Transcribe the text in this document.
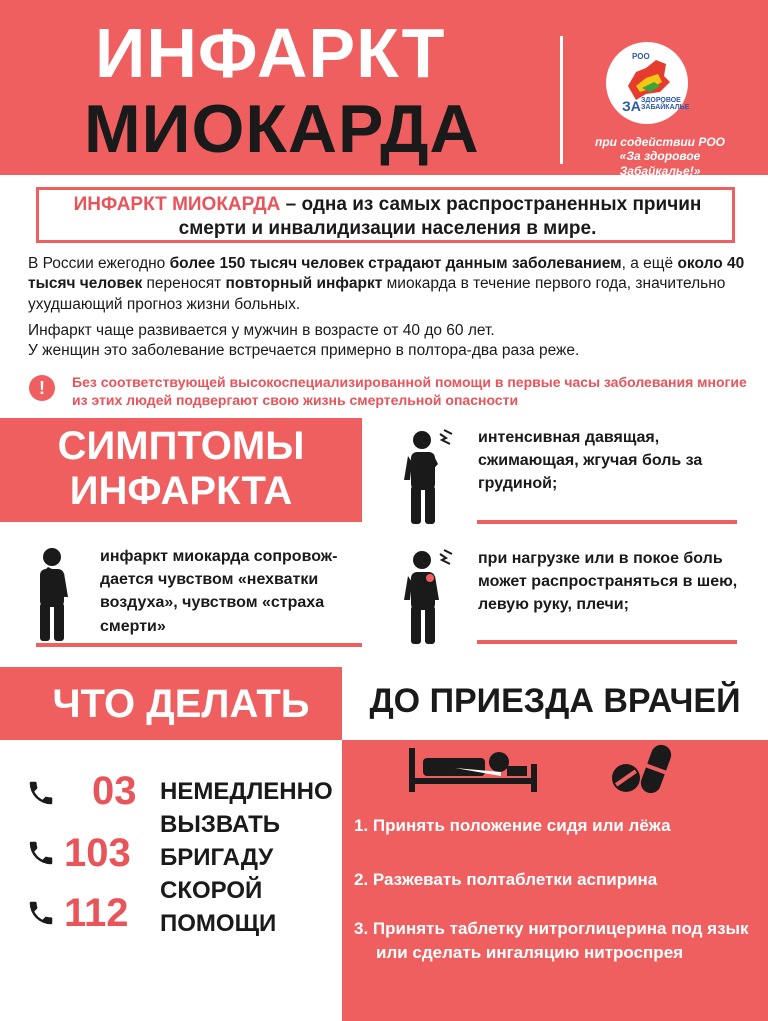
ИНФАРКТ
МИОКАРДА
РОО
ЗА ЗДОРОВОЕ ЗАБАЙКАЛЬЕ
при содействии РОО
«За здоровое Забайкалье!»
ИНФАРКТ МИОКАРДА – одна из самых распространенных причин смерти и инвалидизации населения в мире.
В России ежегодно более 150 тысяч человек страдают данным заболеванием, а ещё около 40 тысяч человек переносят повторный инфаркт миокарда в течение первого года, значительно ухудшающий прогноз жизни больных.
Инфаркт чаще развивается у мужчин в возрасте от 40 до 60 лет.
У женщин это заболевание встречается примерно в полтора-два раза реже.
!	Без соответствующей высокоспециализированной помощи в первые часы заболевания многие из этих людей подвергают свою жизнь смертельной опасности
СИМПТОМЫ
ИНФАРКТА
интенсивная давящая, сжимающая, жгучая боль за грудиной;
инфаркт миокарда сопровож-дается чувством «нехватки воздуха», чувством «страха смерти»
при нагрузке или в покое боль может распространяться в шею, левую руку, плечи;
ЧТО ДЕЛАТЬ	ДО ПРИЕЗДА ВРАЧЕЙ
03
103
112
НЕМЕДЛЕННО
ВЫЗВАТЬ
БРИГАДУ
СКОРОЙ
ПОМОЩИ
1. Принять положение сидя или лёжа
2. Разжевать полтаблетки аспирина
3. Принять таблетку нитроглицерина под язык или сделать ингаляцию нитроспрея
